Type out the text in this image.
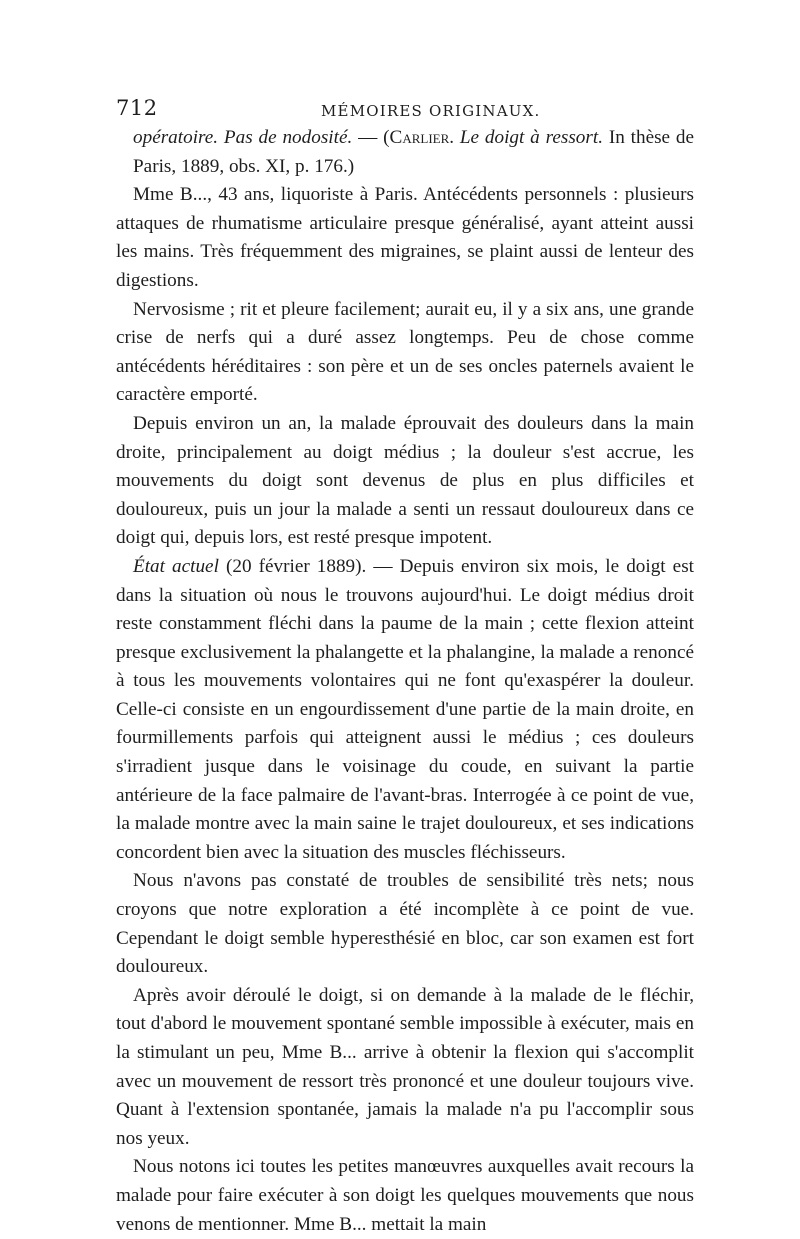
712	MÉMOIRES ORIGINAUX.

opératoire. Pas de nodosité. — (Carlier. Le doigt à ressort. In thèse de Paris, 1889, obs. XI, p. 176.)

Mme B..., 43 ans, liquoriste à Paris. Antécédents personnels : plusieurs attaques de rhumatisme articulaire presque généralisé, ayant atteint aussi les mains. Très fréquemment des migraines, se plaint aussi de lenteur des digestions.

Nervosisme ; rit et pleure facilement; aurait eu, il y a six ans, une grande crise de nerfs qui a duré assez longtemps. Peu de chose comme antécédents héréditaires : son père et un de ses oncles paternels avaient le caractère emporté.

Depuis environ un an, la malade éprouvait des douleurs dans la main droite, principalement au doigt médius ; la douleur s'est accrue, les mouvements du doigt sont devenus de plus en plus difficiles et douloureux, puis un jour la malade a senti un ressaut douloureux dans ce doigt qui, depuis lors, est resté presque impotent.

État actuel (20 février 1889). — Depuis environ six mois, le doigt est dans la situation où nous le trouvons aujourd'hui. Le doigt médius droit reste constamment fléchi dans la paume de la main ; cette flexion atteint presque exclusivement la phalangette et la phalangine, la malade a renoncé à tous les mouvements volontaires qui ne font qu'exaspérer la douleur. Celle-ci consiste en un engourdissement d'une partie de la main droite, en fourmillements parfois qui atteignent aussi le médius ; ces douleurs s'irradient jusque dans le voisinage du coude, en suivant la partie antérieure de la face palmaire de l'avant-bras. Interrogée à ce point de vue, la malade montre avec la main saine le trajet douloureux, et ses indications concordent bien avec la situation des muscles fléchisseurs.

Nous n'avons pas constaté de troubles de sensibilité très nets; nous croyons que notre exploration a été incomplète à ce point de vue. Cependant le doigt semble hyperesthésié en bloc, car son examen est fort douloureux.

Après avoir déroulé le doigt, si on demande à la malade de le fléchir, tout d'abord le mouvement spontané semble impossible à exécuter, mais en la stimulant un peu, Mme B... arrive à obtenir la flexion qui s'accomplit avec un mouvement de ressort très prononcé et une douleur toujours vive. Quant à l'extension spontanée, jamais la malade n'a pu l'accomplir sous nos yeux.

Nous notons ici toutes les petites manœuvres auxquelles avait recours la malade pour faire exécuter à son doigt les quelques mouvements que nous venons de mentionner. Mme B... mettait la main
